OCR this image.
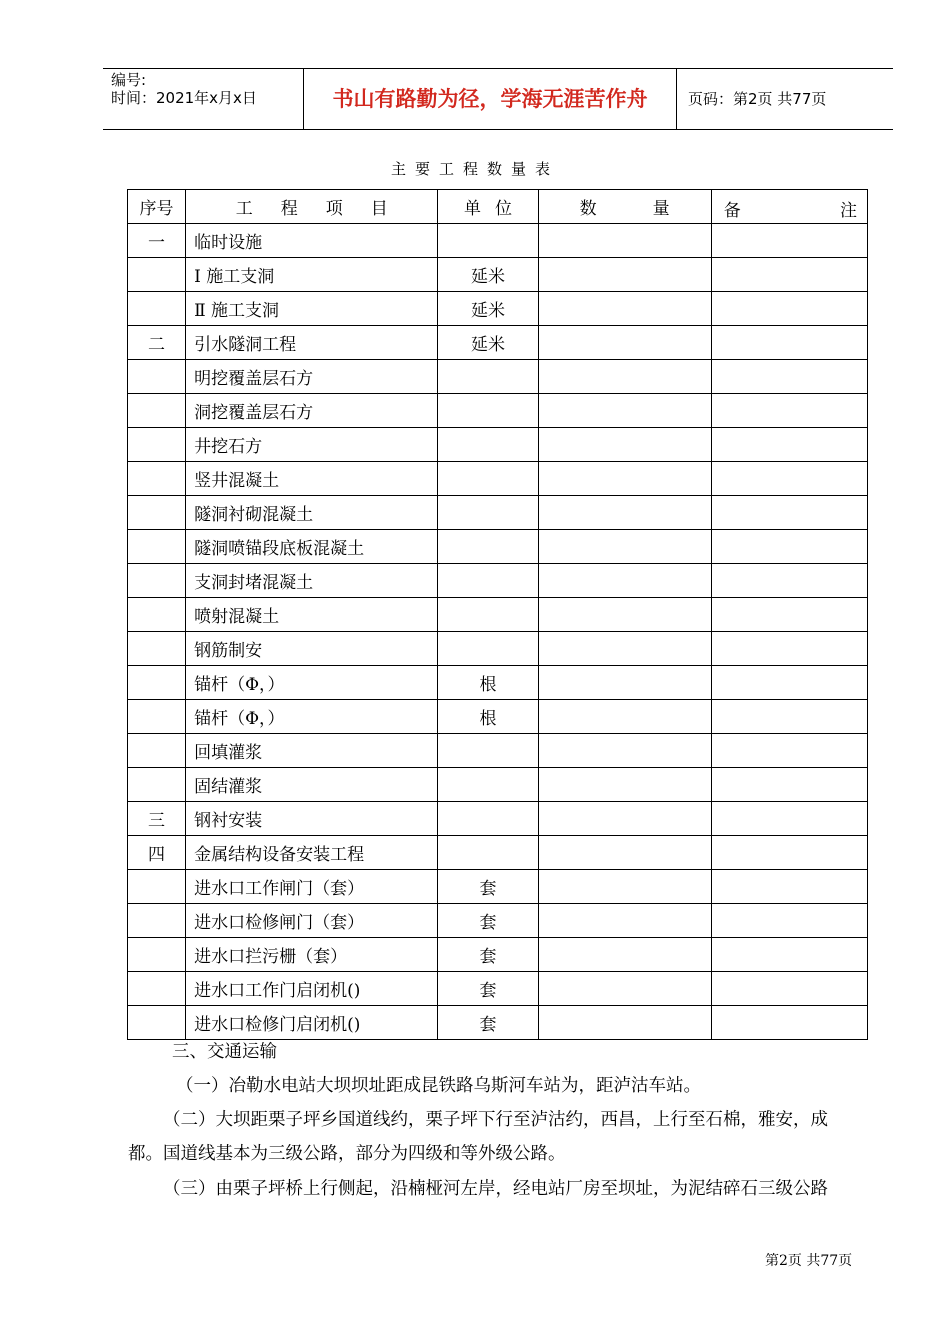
编号:
时间：2021年x月x日	书山有路勤为径，学海无涯苦作舟	页码：第2页 共77页
主要工程数量表
序号	工程项目	单位	数 量	备 注

一	临时设施			
	Ⅰ 施工支洞	延米		
	Ⅱ 施工支洞	延米		
二	引水隧洞工程	延米		
	明挖覆盖层石方			
	洞挖覆盖层石方			
	井挖石方			
	竖井混凝土			
	隧洞衬砌混凝土			
	隧洞喷锚段底板混凝土			
	支洞封堵混凝土			
	喷射混凝土			
	钢筋制安			
	锚杆（Φ，）	根		
	锚杆（Φ，）	根		
	回填灌浆			
	固结灌浆			
三	钢衬安装			
四	金属结构设备安装工程			
	进水口工作闸门（套）	套		
	进水口检修闸门（套）	套		
	进水口拦污栅（套）	套		
	进水口工作门启闭机()	套		
	进水口检修门启闭机()	套		
三、交通运输
（一）冶勒水电站大坝坝址距成昆铁路乌斯河车站为，距泸沽车站。
（二）大坝距栗子坪乡国道线约，栗子坪下行至泸沽约，西昌，上行至石棉，雅安，成
都。国道线基本为三级公路，部分为四级和等外级公路。
（三）由栗子坪桥上行侧起，沿楠桠河左岸，经电站厂房至坝址，为泥结碎石三级公路
第2页 共77页
